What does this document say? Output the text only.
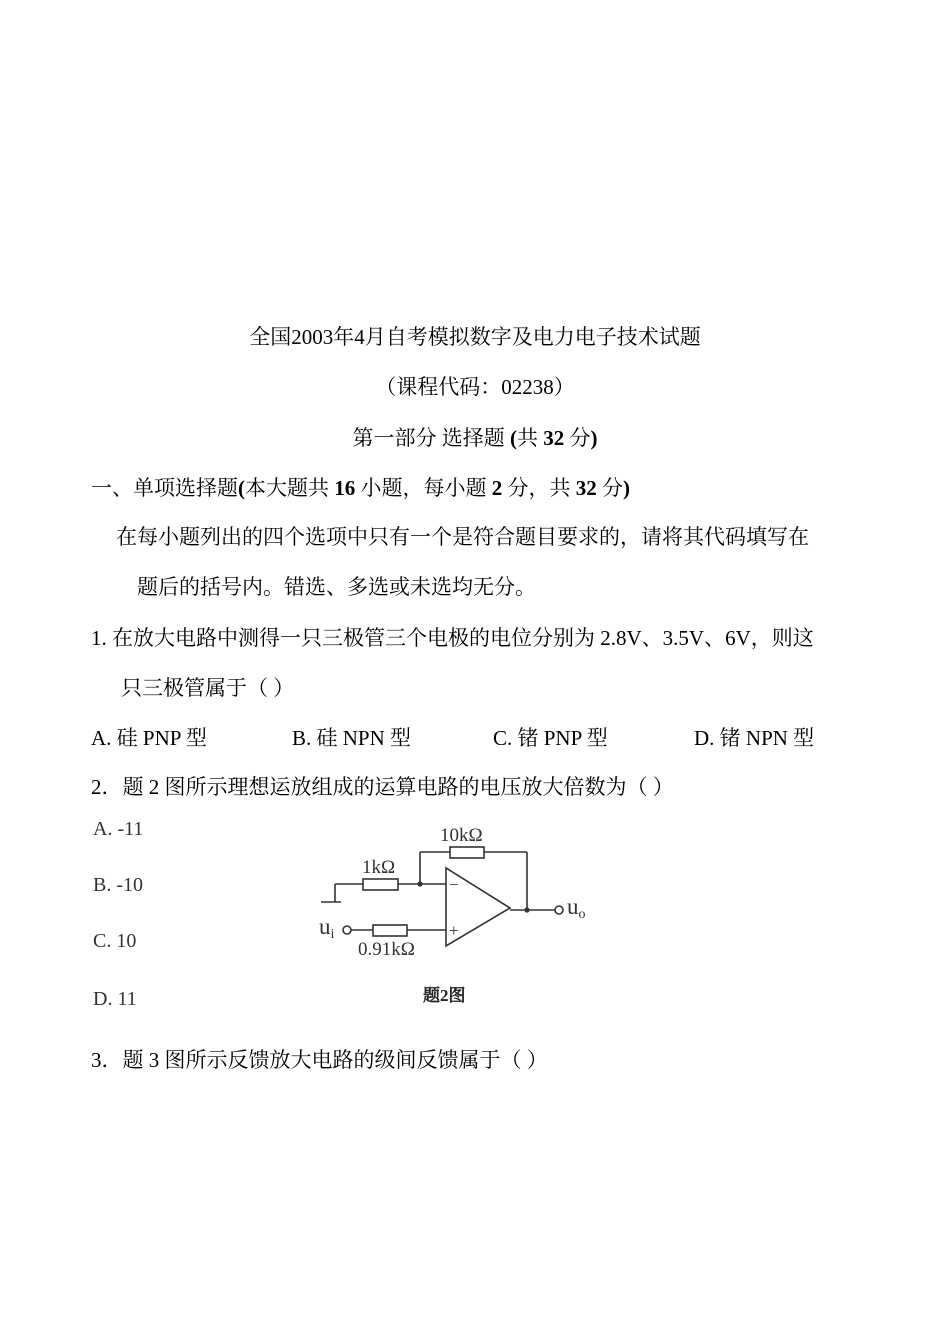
全国2003年4月自考模拟数字及电力电子技术试题
（课程代码：02238）
第一部分 选择题 (共 32 分)
一、单项选择题(本大题共 16 小题，每小题 2 分，共 32 分)
在每小题列出的四个选项中只有一个是符合题目要求的，请将其代码填写在
题后的括号内。错选、多选或未选均无分。
1. 在放大电路中测得一只三极管三个电极的电位分别为 2.8V、3.5V、6V，则这
只三极管属于（ ）
A. 硅 PNP 型	B. 硅 NPN 型	C. 锗 PNP 型	D. 锗 NPN 型
2．题 2 图所示理想运放组成的运算电路的电压放大倍数为（ ）
A. -11
B. -10
C. 10
D. 11
10kΩ
1kΩ
0.91kΩ
−
+
ui
uo
题2图
3．题 3 图所示反馈放大电路的级间反馈属于（ ）
